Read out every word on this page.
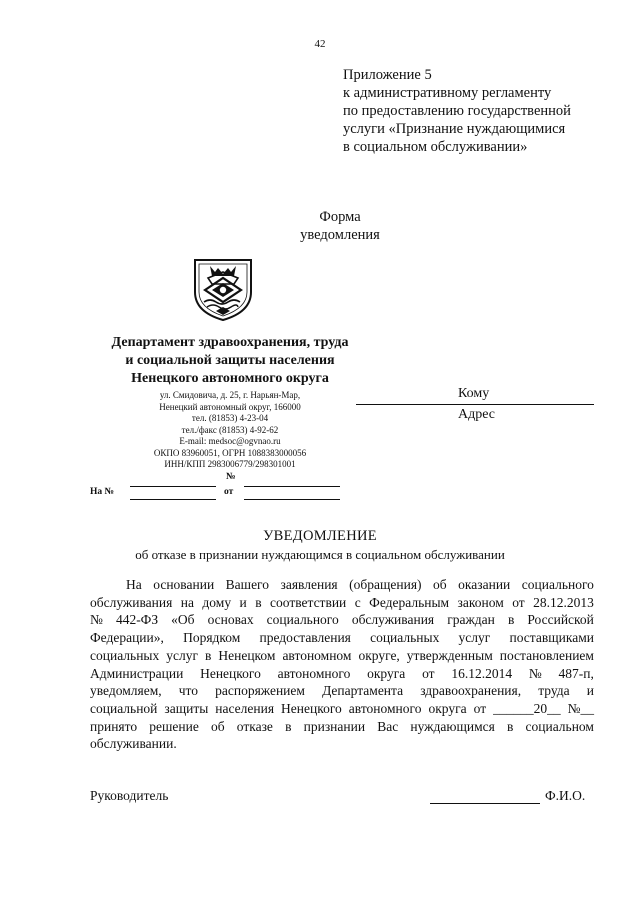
42
Приложение 5
к административному регламенту
по предоставлению государственной
услуги «Признание нуждающимися
в социальном обслуживании»
Форма
уведомления
Департамент здравоохранения, труда
и социальной защиты населения
Ненецкого автономного округа
ул. Смидовича, д. 25, г. Нарьян-Мар,
Ненецкий автономный округ, 166000
тел. (81853) 4-23-04
тел./факс (81853) 4-92-62
E-mail: medsoc@ogvnao.ru
ОКПО 83960051, ОГРН 1088383000056
ИНН/КПП 2983006779/298301001
Кому
Адрес
№
На №	от
УВЕДОМЛЕНИЕ
об отказе в признании нуждающимся в социальном обслуживании
На основании Вашего заявления (обращения) об оказании социального
обслуживания на дому и в соответствии с Федеральным законом от 28.12.2013
№ 442-ФЗ «Об основах социального обслуживания граждан в Российской
Федерации», Порядком предоставления социальных услуг поставщиками
социальных услуг в Ненецком автономном округе, утвержденным постановлением
Администрации Ненецкого автономного округа от 16.12.2014 № 487-п,
уведомляем, что распоряжением Департамента здравоохранения, труда и
социальной защиты населения Ненецкого автономного округа от ______20__ №__
принято решение об отказе в признании Вас нуждающимся в социальном
обслуживании.
Руководитель	Ф.И.О.
